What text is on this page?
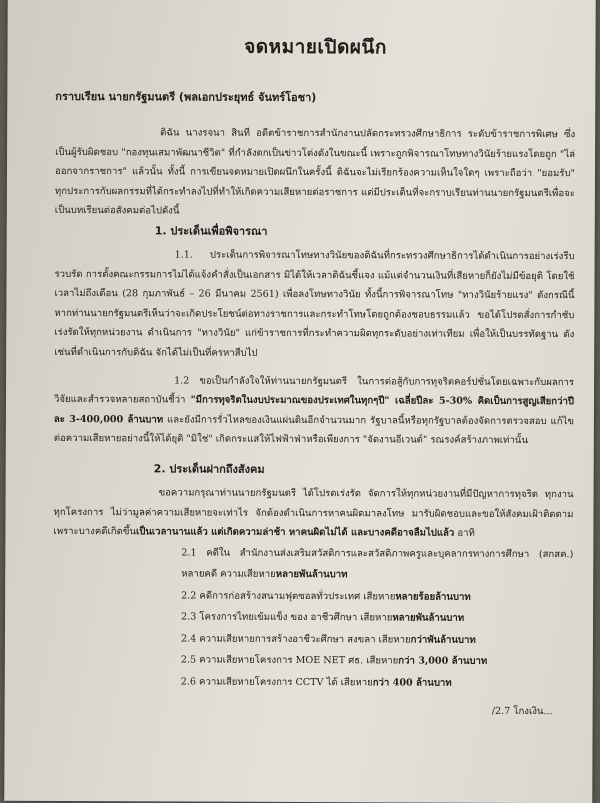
จดหมายเปิดผนึก
กราบเรียน นายกรัฐมนตรี (พลเอกประยุทธ์ จันทร์โอชา)

ดิฉัน นางรจนา สินที อดีตข้าราชการสำนักงานปลัดกระทรวงศึกษาธิการ ระดับข้าราชการพิเศษ ซึ่งเป็นผู้รับผิดชอบ "กองทุนเสมาพัฒนาชีวิต" ที่กำลังตกเป็นข่าวโด่งดังในขณะนี้ เพราะถูกพิจารณาโทษทางวินัยร้ายแรงโดยถูก "ไล่ออกจากราชการ" แล้วนั้น ทั้งนี้ การเขียนจดหมายเปิดผนึกในครั้งนี้ ดิฉันจะไม่เรียกร้องความเห็นใจใดๆ เพราะถือว่า "ยอมรับ" ทุกประการกับผลกรรมที่ได้กระทำลงไปที่ทำให้เกิดความเสียหายต่อราชการ แต่มีประเด็นที่จะกราบเรียนท่านนายกรัฐมนตรีเพื่อจะเป็นบทเรียนต่อสังคมต่อไปดังนี้

1. ประเด็นเพื่อพิจารณา

1.1. ประเด็นการพิจารณาโทษทางวินัยของดิฉันที่กระทรวงศึกษาธิการได้ดำเนินการอย่างเร่งรีบ รวบรัด การตั้งคณะกรรมการไม่ได้แจ้งคำสั่งเป็นเอกสาร มิได้ให้เวลาดิฉันชี้แจง แม้แต่จำนวนเงินที่เสียหายก็ยังไม่มีข้อยุติ โดยใช้เวลาไม่ถึงเดือน (28 กุมภาพันธ์ – 26 มีนาคม 2561) เพื่อลงโทษทางวินัย ทั้งนี้การพิจารณาโทษ "ทางวินัยร้ายแรง" ดังกรณีนี้ หากท่านนายกรัฐมนตรีเห็นว่าจะเกิดประโยชน์ต่อทางราชการและกระทำโทษโดยถูกต้องชอบธรรมแล้ว ขอได้โปรดสั่งการกำชับ เร่งรัดให้ทุกหน่วยงาน ดำเนินการ "ทางวินัย" แก่ข้าราชการที่กระทำความผิดทุกระดับอย่างเท่าเทียม เพื่อให้เป็นบรรทัดฐาน ดังเช่นที่ดำเนินการกับดิฉัน จักได้ไม่เป็นที่ครหาสืบไป

1.2 ขอเป็นกำลังใจให้ท่านนายกรัฐมนตรี ในการต่อสู้กับการทุจริตคอร์ปชั่นโดยเฉพาะกับผลการวิจัยและสำรวจหลายสถาบันชี้ว่า "มีการทุจริตในงบประมาณของประเทศในทุกๆปี" เฉลี่ยปีละ 5-30% คิดเป็นการสูญเสียกว่าปีละ 3-400,000 ล้านบาท และยังมีการรั่วไหลของเงินแผ่นดินอีกจำนวนมาก รัฐบาลนี้หรือทุกรัฐบาลต้องจัดการตรวจสอบ แก้ไขต่อความเสียหายอย่างนี้ให้ได้ยุติ "มิใช่" เกิดกระแสให้ไฟฟ้าฟ่าหรือเพียงการ "จัดงานอีเวนต์" รณรงค์สร้างภาพเท่านั้น

2. ประเด็นฝากถึงสังคม

ขอความกรุณาท่านนายกรัฐมนตรี ได้โปรดเร่งรัด จัดการให้ทุกหน่วยงานที่มีปัญหาการทุจริต ทุกงาน ทุกโครงการ ไม่ว่ามูลค่าความเสียหายจะเท่าไร จักต้องดำเนินการหาคนผิดมาลงโทษ มารับผิดชอบและขอให้สังคมเฝ้าติดตามเพราะบางคดีเกิดขึ้นเป็นเวลานานแล้ว แต่เกิดความล่าช้า หาคนผิดไม่ได้ และบางคดีอาจลืมไปแล้ว อาทิ

2.1 คดีใน สำนักงานส่งเสริมสวัสดิการและสวัสดิภาพครูและบุคลากรทางการศึกษา (สกสค.) หลายคดี ความเสียหายหลายพันล้านบาท

2.2 คดีการก่อสร้างสนามฟุตซอลทั่วประเทศ เสียหายหลายร้อยล้านบาท

2.3 โครงการไทยเข้มแข็ง ของ อาชีวศึกษา เสียหายหลายพันล้านบาท

2.4 ความเสียหายการสร้างอาชีวะศึกษา สงขลา เสียหายกว่าพันล้านบาท

2.5 ความเสียหายโครงการ MOE NET ศธ. เสียหายกว่า 3,000 ล้านบาท

2.6 ความเสียหายโครงการ CCTV ได้ เสียหายกว่า 400 ล้านบาท

/2.7 โกงเงิน...
